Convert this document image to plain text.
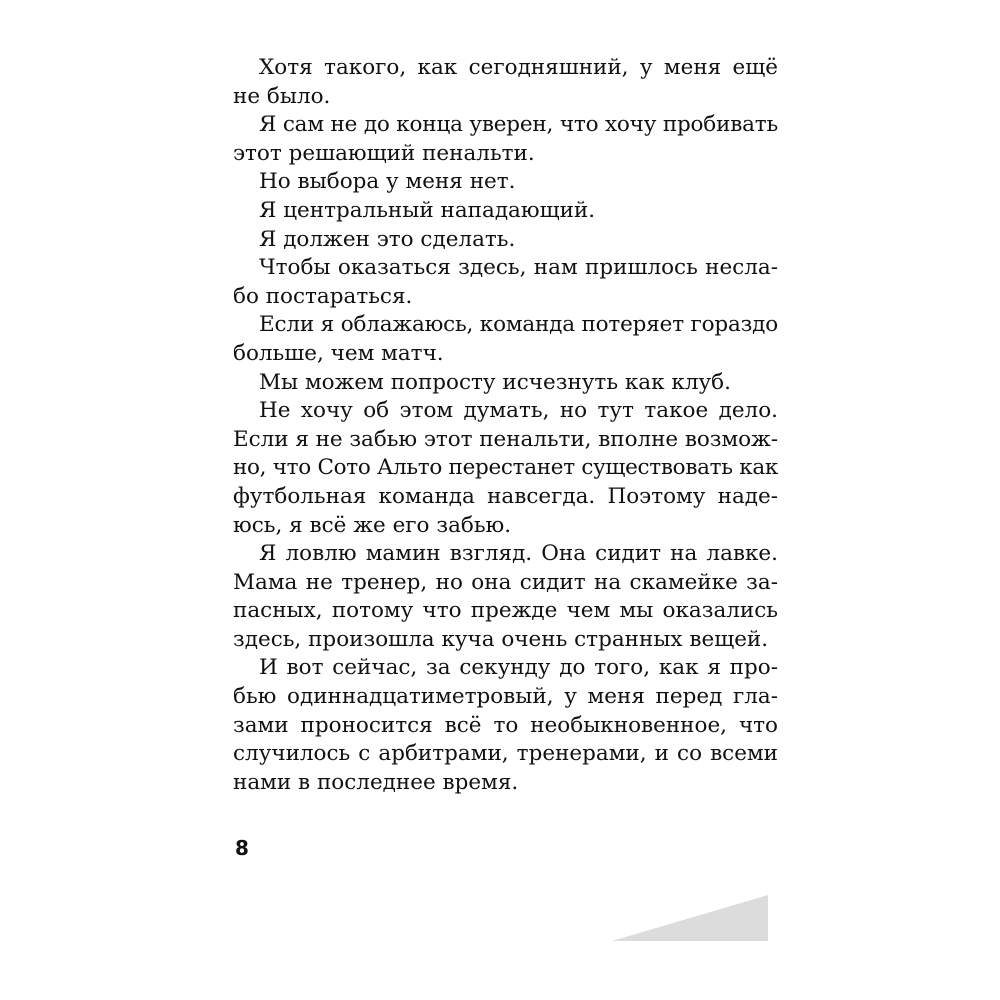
Хотя такого, как сегодняшний, у меня ещё
не было.
Я сам не до конца уверен, что хочу пробивать
этот решающий пенальти.
Но выбора у меня нет.
Я центральный нападающий.
Я должен это сделать.
Чтобы оказаться здесь, нам пришлось несла-
бо постараться.
Если я облажаюсь, команда потеряет гораздо
больше, чем матч.
Мы можем попросту исчезнуть как клуб.
Не хочу об этом думать, но тут такое дело.
Если я не забью этот пенальти, вполне возмож-
но, что Сото Альто перестанет существовать как
футбольная команда навсегда. Поэтому наде-
юсь, я всё же его забью.
Я ловлю мамин взгляд. Она сидит на лавке.
Мама не тренер, но она сидит на скамейке за-
пасных, потому что прежде чем мы оказались
здесь, произошла куча очень странных вещей.
И вот сейчас, за секунду до того, как я про-
бью одиннадцатиметровый, у меня перед гла-
зами проносится всё то необыкновенное, что
случилось с арбитрами, тренерами, и со всеми
нами в последнее время.
8
